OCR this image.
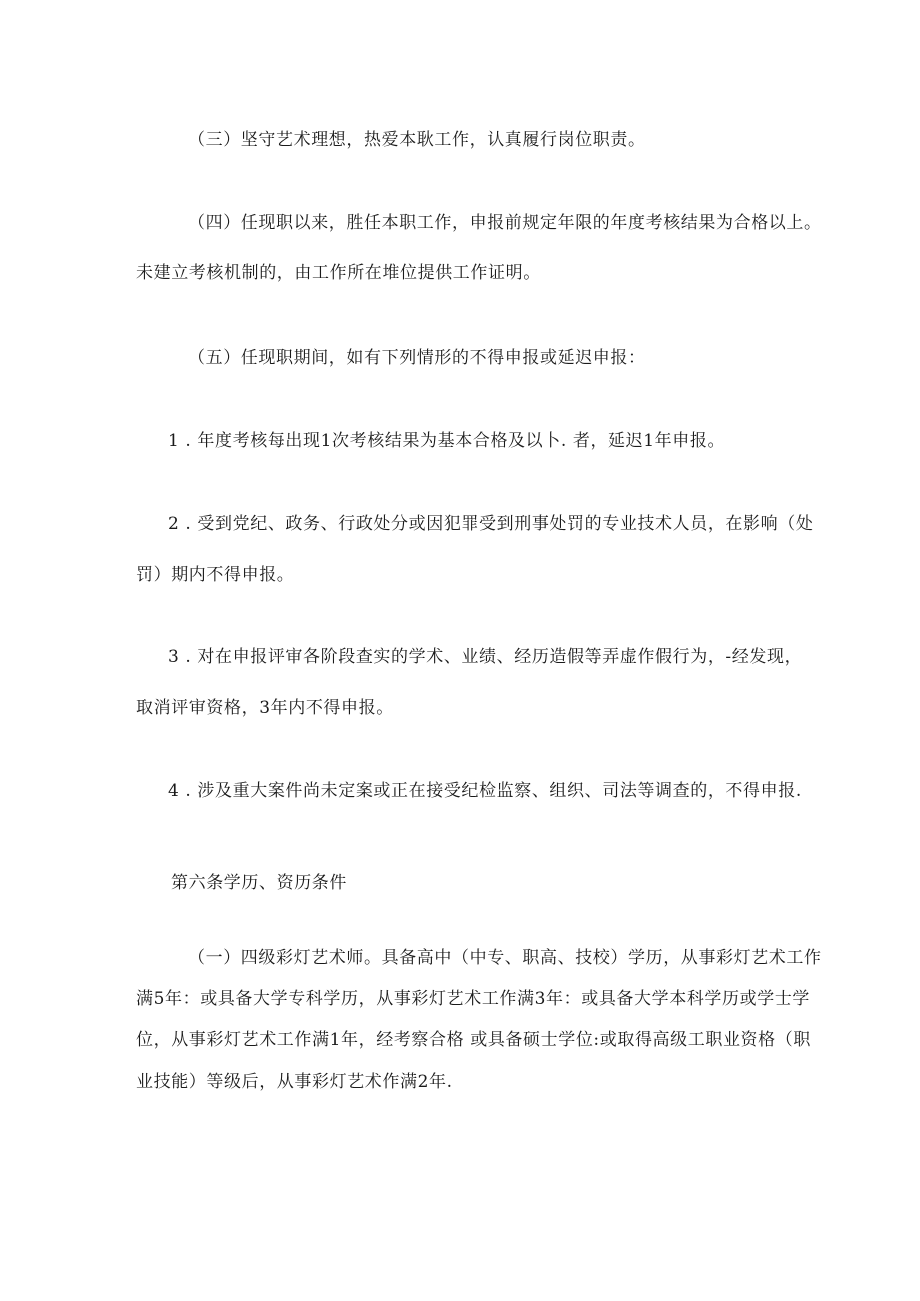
（三）坚守艺术理想，热爱本耿工作，认真履行岗位职责。
（四）任现职以来，胜任本职工作，申报前规定年限的年度考核结果为合格以上。
未建立考核机制的，由工作所在堆位提供工作证明。
（五）任现职期间，如有下列情形的不得申报或延迟申报：
1 . 年度考核每出现1次考核结果为基本合格及以卜. 者，延迟1年申报。
2 . 受到党纪、政务、行政处分或因犯罪受到刑事处罚的专业技术人员，在影响（处
罚）期内不得申报。
3 . 对在申报评审各阶段查实的学术、业绩、经历造假等弄虚作假行为，-经发现，
取消评审资格，3年内不得申报。
4 . 涉及重大案件尚未定案或正在接受纪检监察、组织、司法等调查的，不得申报.
第六条学历、资历条件
（一）四级彩灯艺术师。具备高中（中专、职高、技校）学历，从事彩灯艺术工作
满5年：或具备大学专科学历，从事彩灯艺术工作满3年：或具备大学本科学历或学士学
位，从事彩灯艺术工作满1年，经考察合格 或具备硕士学位:或取得高级工职业资格（职
业技能）等级后，从事彩灯艺术作满2年.
